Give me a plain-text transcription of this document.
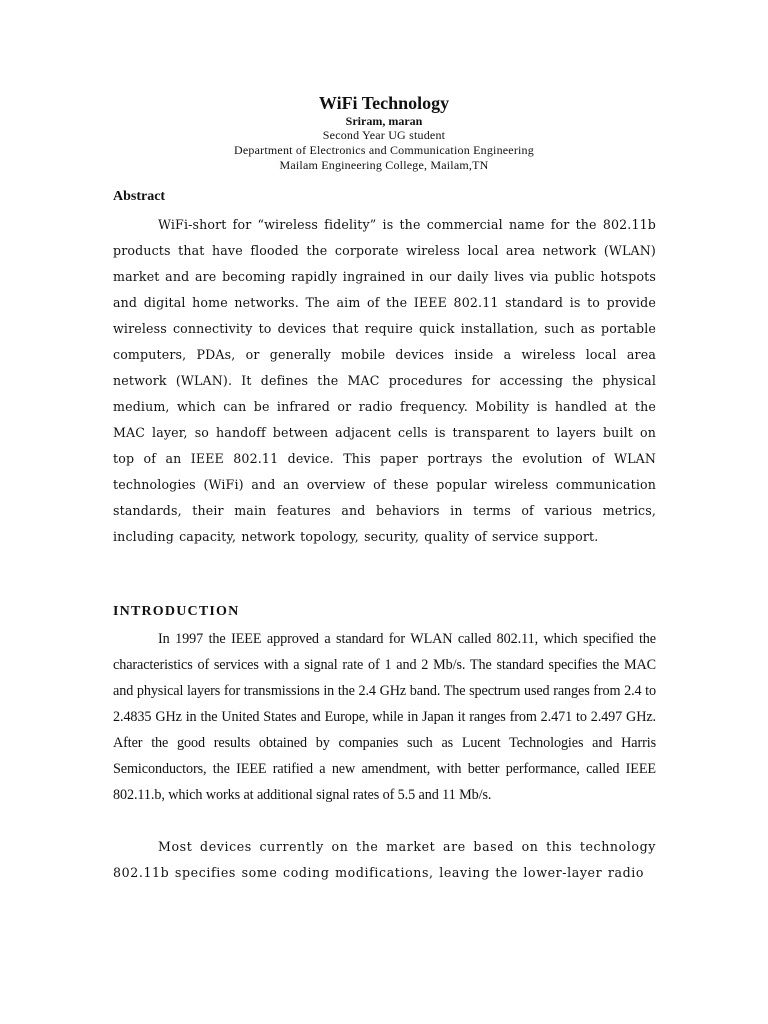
WiFi Technology

Sriram, maran

Second Year UG student

Department of Electronics and Communication Engineering

Mailam Engineering College, Mailam,TN

Abstract

WiFi-short for “wireless fidelity” is the commercial name for the 802.11b products that have flooded the corporate wireless local area network (WLAN) market and are becoming rapidly ingrained in our daily lives via public hotspots and digital home networks. The aim of the IEEE 802.11 standard is to provide wireless connectivity to devices that require quick installation, such as portable computers, PDAs, or generally mobile devices inside a wireless local area network (WLAN). It defines the MAC procedures for accessing the physical medium, which can be infrared or radio frequency. Mobility is handled at the MAC layer, so handoff between adjacent cells is transparent to layers built on top of an IEEE 802.11 device. This paper portrays the evolution of WLAN technologies (WiFi) and an overview of these popular wireless communication standards, their main features and behaviors in terms of various metrics, including capacity, network topology, security, quality of service support.

INTRODUCTION

In 1997 the IEEE approved a standard for WLAN called 802.11, which specified the characteristics of services with a signal rate of 1 and 2 Mb/s. The standard specifies the MAC and physical layers for transmissions in the 2.4 GHz band. The spectrum used ranges from 2.4 to 2.4835 GHz in the United States and Europe, while in Japan it ranges from 2.471 to 2.497 GHz. After the good results obtained by companies such as Lucent Technologies and Harris Semiconductors, the IEEE ratified a new amendment, with better performance, called IEEE 802.11.b, which works at additional signal rates of 5.5 and 11 Mb/s.

Most devices currently on the market are based on this technology 802.11b specifies some coding modifications, leaving the lower-layer radio
